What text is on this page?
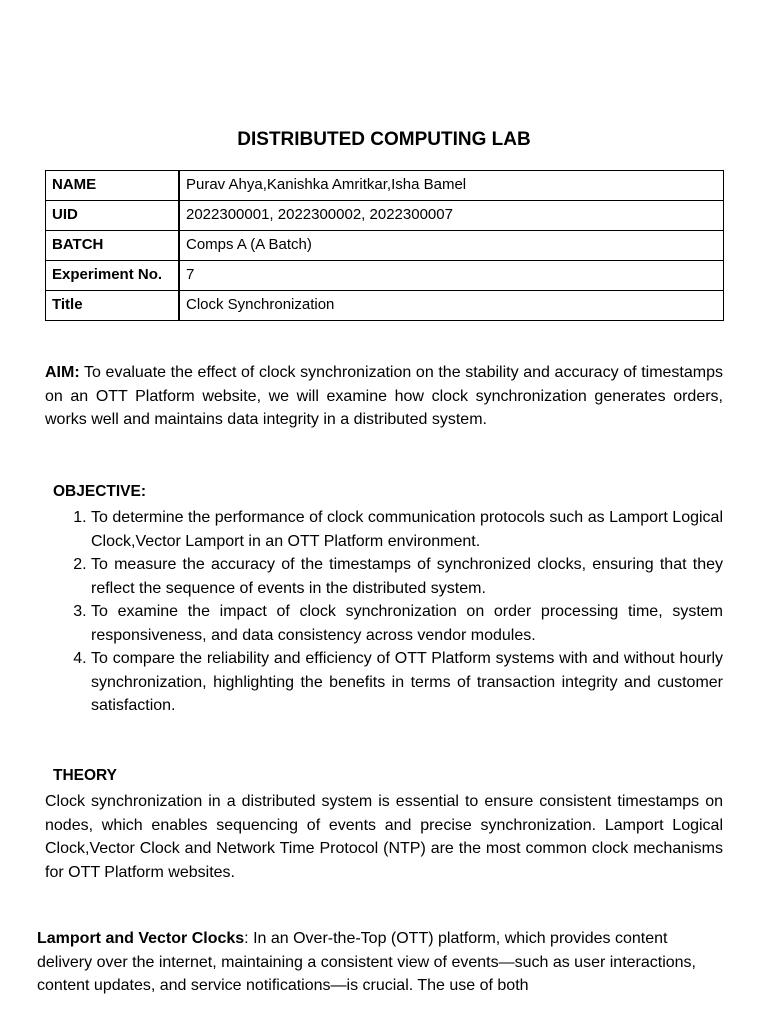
DISTRIBUTED COMPUTING LAB
NAME	Purav Ahya,Kanishka Amritkar,Isha Bamel
UID	2022300001, 2022300002, 2022300007
BATCH	Comps A (A Batch)
Experiment No.	7
Title	Clock Synchronization
AIM: To evaluate the effect of clock synchronization on the stability and accuracy of timestamps on an OTT Platform website, we will examine how clock synchronization generates orders, works well and maintains data integrity in a distributed system.
OBJECTIVE:
1. To determine the performance of clock communication protocols such as Lamport Logical Clock,Vector Lamport in an OTT Platform environment.
2. To measure the accuracy of the timestamps of synchronized clocks, ensuring that they reflect the sequence of events in the distributed system.
3. To examine the impact of clock synchronization on order processing time, system responsiveness, and data consistency across vendor modules.
4. To compare the reliability and efficiency of OTT Platform systems with and without hourly synchronization, highlighting the benefits in terms of transaction integrity and customer satisfaction.
THEORY
Clock synchronization in a distributed system is essential to ensure consistent timestamps on nodes, which enables sequencing of events and precise synchronization. Lamport Logical Clock,Vector Clock and Network Time Protocol (NTP) are the most common clock mechanisms for OTT Platform websites.
Lamport and Vector Clocks: In an Over-the-Top (OTT) platform, which provides content delivery over the internet, maintaining a consistent view of events—such as user interactions, content updates, and service notifications—is crucial. The use of both
